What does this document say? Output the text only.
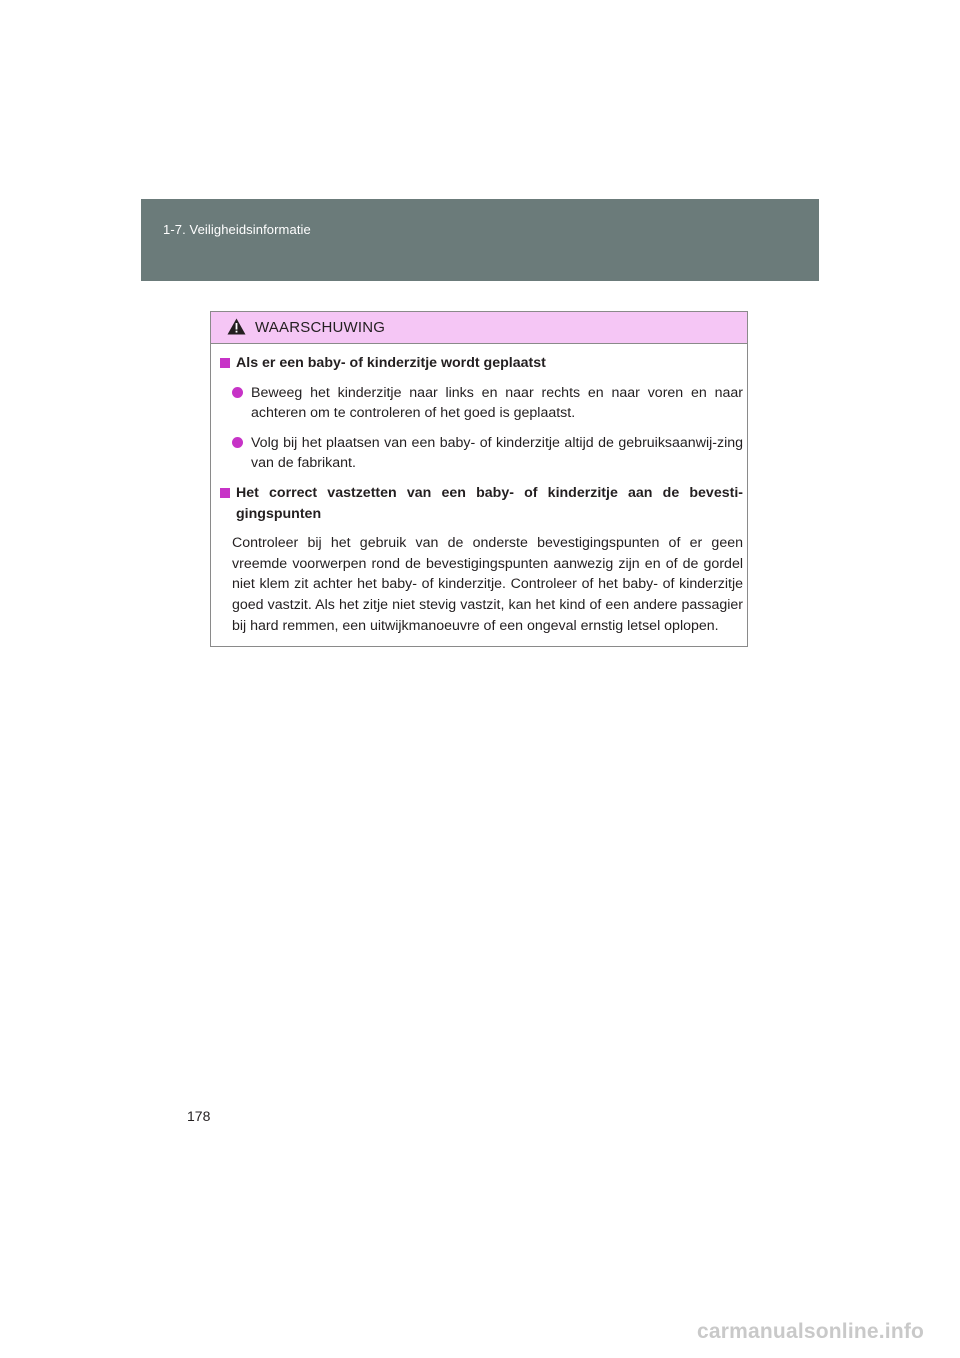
1-7. Veiligheidsinformatie
WAARSCHUWING
Als er een baby- of kinderzitje wordt geplaatst
Beweeg het kinderzitje naar links en naar rechts en naar voren en naar achteren om te controleren of het goed is geplaatst.
Volg bij het plaatsen van een baby- of kinderzitje altijd de gebruiksaanwij-zing van de fabrikant.
Het correct vastzetten van een baby- of kinderzitje aan de bevesti-gingspunten
Controleer bij het gebruik van de onderste bevestigingspunten of er geen vreemde voorwerpen rond de bevestigingspunten aanwezig zijn en of de gordel niet klem zit achter het baby- of kinderzitje. Controleer of het baby- of kinderzitje goed vastzit. Als het zitje niet stevig vastzit, kan het kind of een andere passagier bij hard remmen, een uitwijkmanoeuvre of een ongeval ernstig letsel oplopen.
178
carmanualsonline.info
